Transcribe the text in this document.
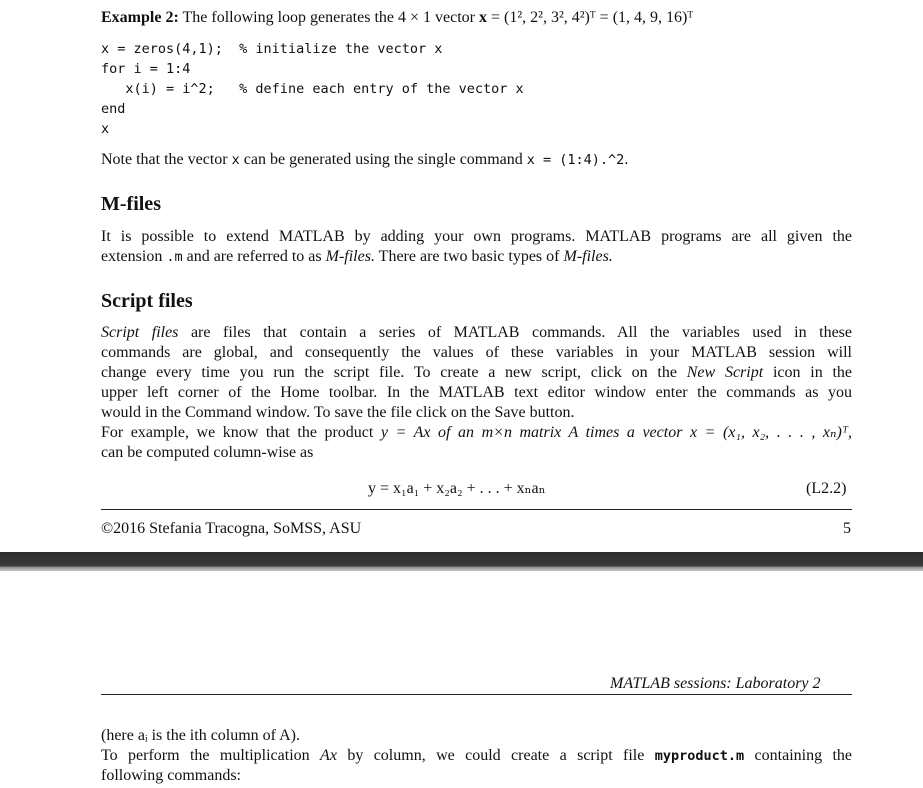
Example 2: The following loop generates the 4 × 1 vector x = (1², 2², 3², 4²)ᵀ = (1, 4, 9, 16)ᵀ
x = zeros(4,1);  % initialize the vector x
for i = 1:4
x(i) = i^2;   % define each entry of the vector x
end
x
Note that the vector x can be generated using the single command x = (1:4).^2.
M-files
It is possible to extend MATLAB by adding your own programs. MATLAB programs are all given the
extension .m and are referred to as M-files. There are two basic types of M-files.
Script files
Script files are files that contain a series of MATLAB commands. All the variables used in these
commands are global, and consequently the values of these variables in your MATLAB session will
change every time you run the script file. To create a new script, click on the New Script icon in the
upper left corner of the Home toolbar. In the MATLAB text editor window enter the commands as you
would in the Command window. To save the file click on the Save button.
For example, we know that the product y = Ax of an m×n matrix A times a vector x = (x₁, x₂, . . . , xₙ)ᵀ,
can be computed column-wise as
y = x₁a₁ + x₂a₂ + . . . + xₙaₙ	(L2.2)
©2016 Stefania Tracogna, SoMSS, ASU	5
MATLAB sessions: Laboratory 2
(here aᵢ is the ith column of A).
To perform the multiplication Ax by column, we could create a script file myproduct.m containing the
following commands:
